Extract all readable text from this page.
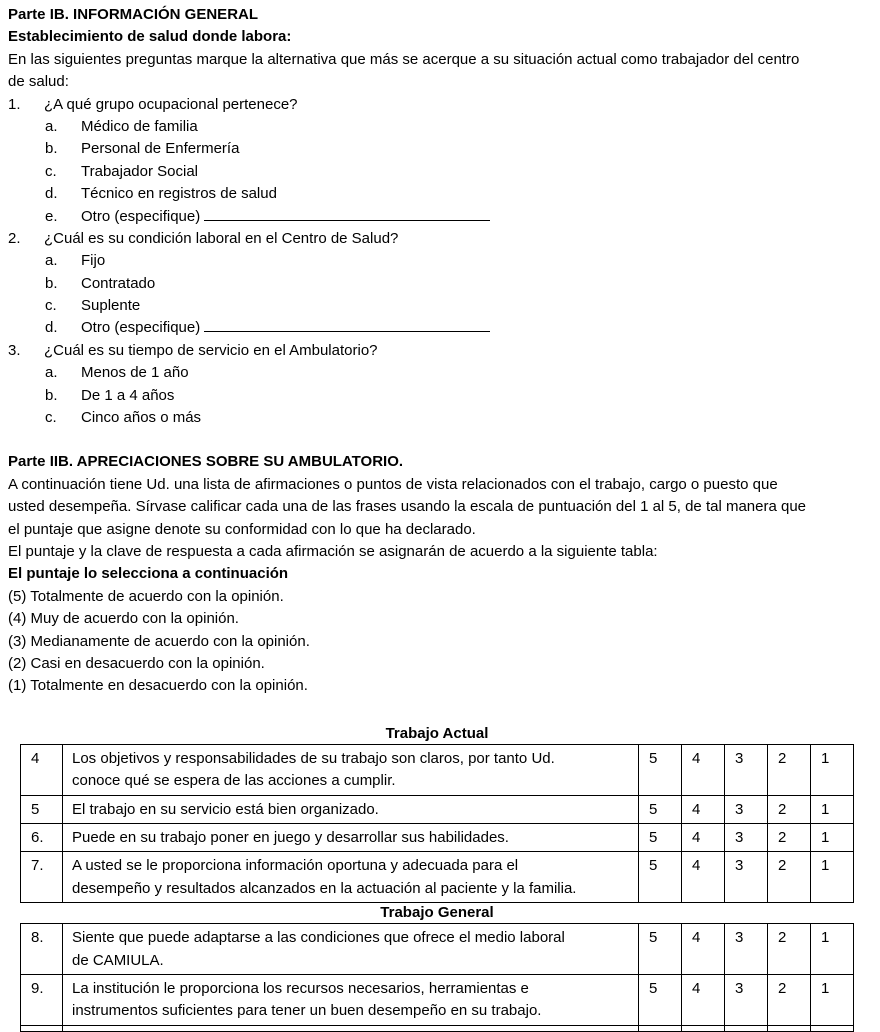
Parte IB. INFORMACIÓN GENERAL
Establecimiento de salud donde labora:
En las siguientes preguntas marque la alternativa que más se acerque a su situación actual como trabajador del centro
de salud:
1. ¿A qué grupo ocupacional pertenece?
a. Médico de familia
b. Personal de Enfermería
c. Trabajador Social
d. Técnico en registros de salud
e. Otro (especifique)
2. ¿Cuál es su condición laboral en el Centro de Salud?
a. Fijo
b. Contratado
c. Suplente
d. Otro (especifique)
3. ¿Cuál es su tiempo de servicio en el Ambulatorio?
a. Menos de 1 año
b. De 1 a 4 años
c. Cinco años o más
Parte IIB. APRECIACIONES SOBRE SU AMBULATORIO.
A continuación tiene Ud. una lista de afirmaciones o puntos de vista relacionados con el trabajo, cargo o puesto que
usted desempeña. Sírvase calificar cada una de las frases usando la escala de puntuación del 1 al 5, de tal manera que
el puntaje que asigne denote su conformidad con lo que ha declarado.
El puntaje y la clave de respuesta a cada afirmación se asignarán de acuerdo a la siguiente tabla:
El puntaje lo selecciona a continuación
(5) Totalmente de acuerdo con la opinión.
(4) Muy de acuerdo con la opinión.
(3) Medianamente de acuerdo con la opinión.
(2) Casi en desacuerdo con la opinión.
(1) Totalmente en desacuerdo con la opinión.
Trabajo Actual
4	Los objetivos y responsabilidades de su trabajo son claros, por tanto Ud.
conoce qué se espera de las acciones a cumplir.	5	4	3	2	1
5	El trabajo en su servicio está bien organizado.	5	4	3	2	1
6.	Puede en su trabajo poner en juego y desarrollar sus habilidades.	5	4	3	2	1
7.	A usted se le proporciona información oportuna y adecuada para el
desempeño y resultados alcanzados en la actuación al paciente y la familia.	5	4	3	2	1
Trabajo General
8.	Siente que puede adaptarse a las condiciones que ofrece el medio laboral
de CAMIULA.	5	4	3	2	1
9.	La institución le proporciona los recursos necesarios, herramientas e
instrumentos suficientes para tener un buen desempeño en su trabajo.	5	4	3	2	1
